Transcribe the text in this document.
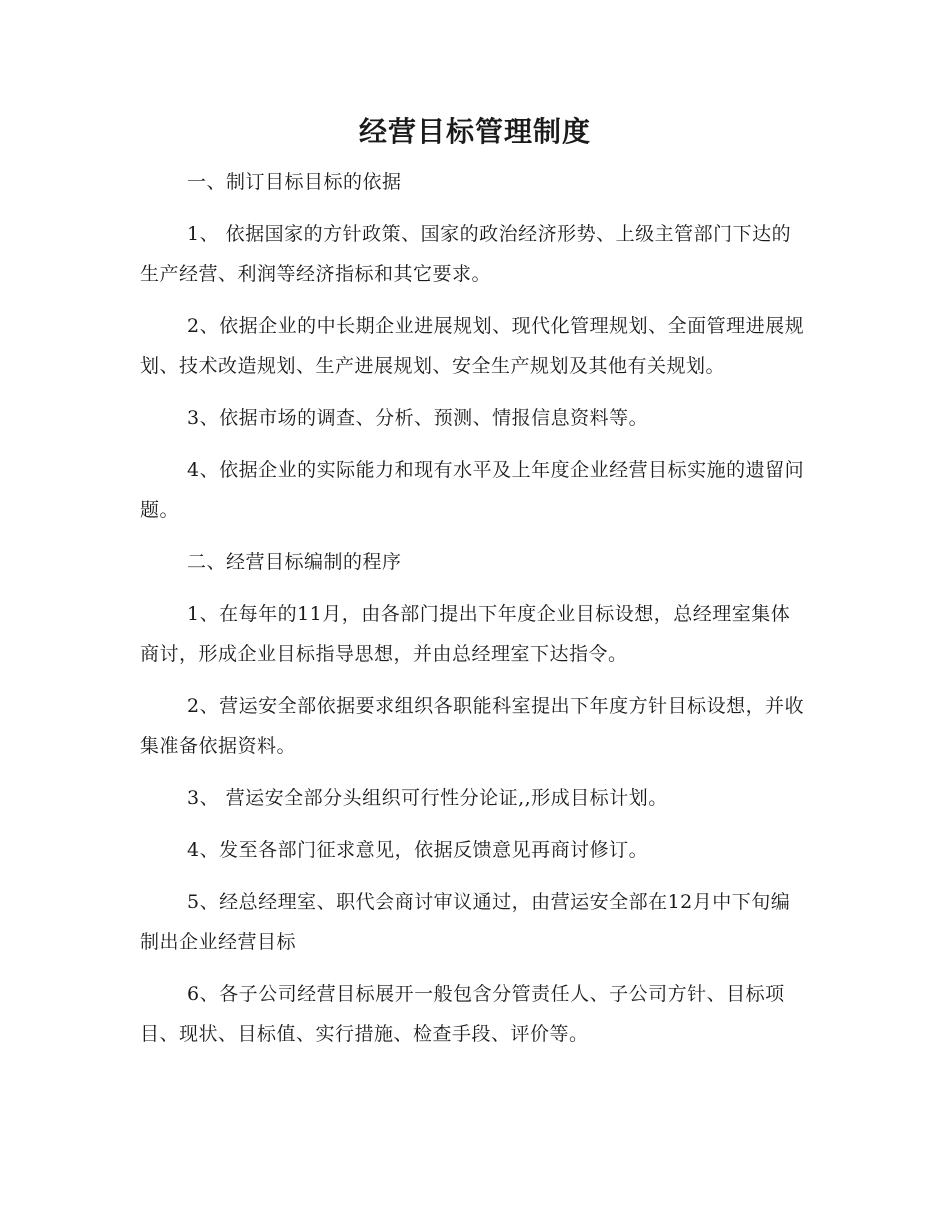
经营目标管理制度

一、制订目标目标的依据

1、 依据国家的方针政策、国家的政治经济形势、上级主管部门下达的生产经营、利润等经济指标和其它要求。

2、依据企业的中长期企业进展规划、现代化管理规划、全面管理进展规划、技术改造规划、生产进展规划、安全生产规划及其他有关规划。

3、依据市场的调查、分析、预测、情报信息资料等。

4、依据企业的实际能力和现有水平及上年度企业经营目标实施的遗留问题。

二、经营目标编制的程序

1、在每年的11月，由各部门提出下年度企业目标设想，总经理室集体商讨，形成企业目标指导思想，并由总经理室下达指令。

2、营运安全部依据要求组织各职能科室提出下年度方针目标设想，并收集准备依据资料。

3、 营运安全部分头组织可行性分论证,,形成目标计划。

4、发至各部门征求意见，依据反馈意见再商讨修订。

5、经总经理室、职代会商讨审议通过，由营运安全部在12月中下旬编制出企业经营目标

6、各子公司经营目标展开一般包含分管责任人、子公司方针、目标项目、现状、目标值、实行措施、检查手段、评价等。
